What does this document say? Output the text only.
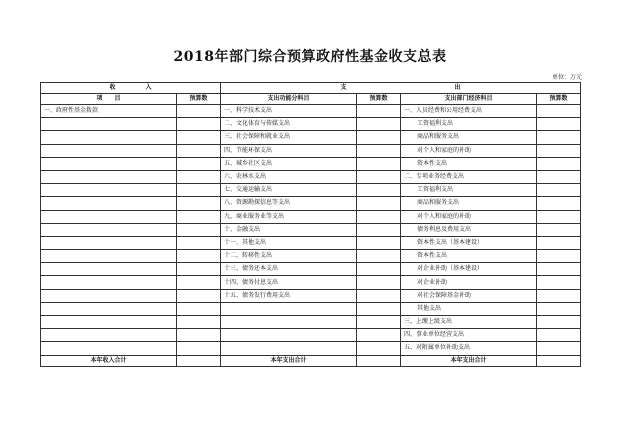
2018年部门综合预算政府性基金收支总表
单位：万元
收　　　　　入		支　　　　　　　　　　　　　　　　　　出			
项　　目	预算数	支出功能分科目	预算数	支出部门经济科目	预算数
一、政府性基金拨款		一、科学技术支出		一、人员经费和公用经费支出	
		二、文化体育与传媒支出		工资福利支出	
		三、社会保障和就业支出		商品和服务支出	
		四、节能环保支出		对个人和家庭的补助	
		五、城乡社区支出		资本性支出	
		六、农林水支出		二、专项业务经费支出	
		七、交通运输支出		工资福利支出	
		八、资源勘探信息等支出		商品和服务支出	
		九、商业服务业等支出		对个人和家庭的补助	
		十、金融支出		债务利息及费用支出	
		十一、其他支出		资本性支出（基本建设）	
		十二、转移性支出		资本性支出	
		十三、债务还本支出		对企业补助（基本建设）	
		十四、债务付息支出		对企业补助	
		十五、债务发行费用支出		对社会保障基金补助	
				其他支出	
				三、上缴上级支出	
				四、事业单位经营支出	
				五、对附属单位补助支出	
本年收入合计		本年支出合计		本年支出合计	
